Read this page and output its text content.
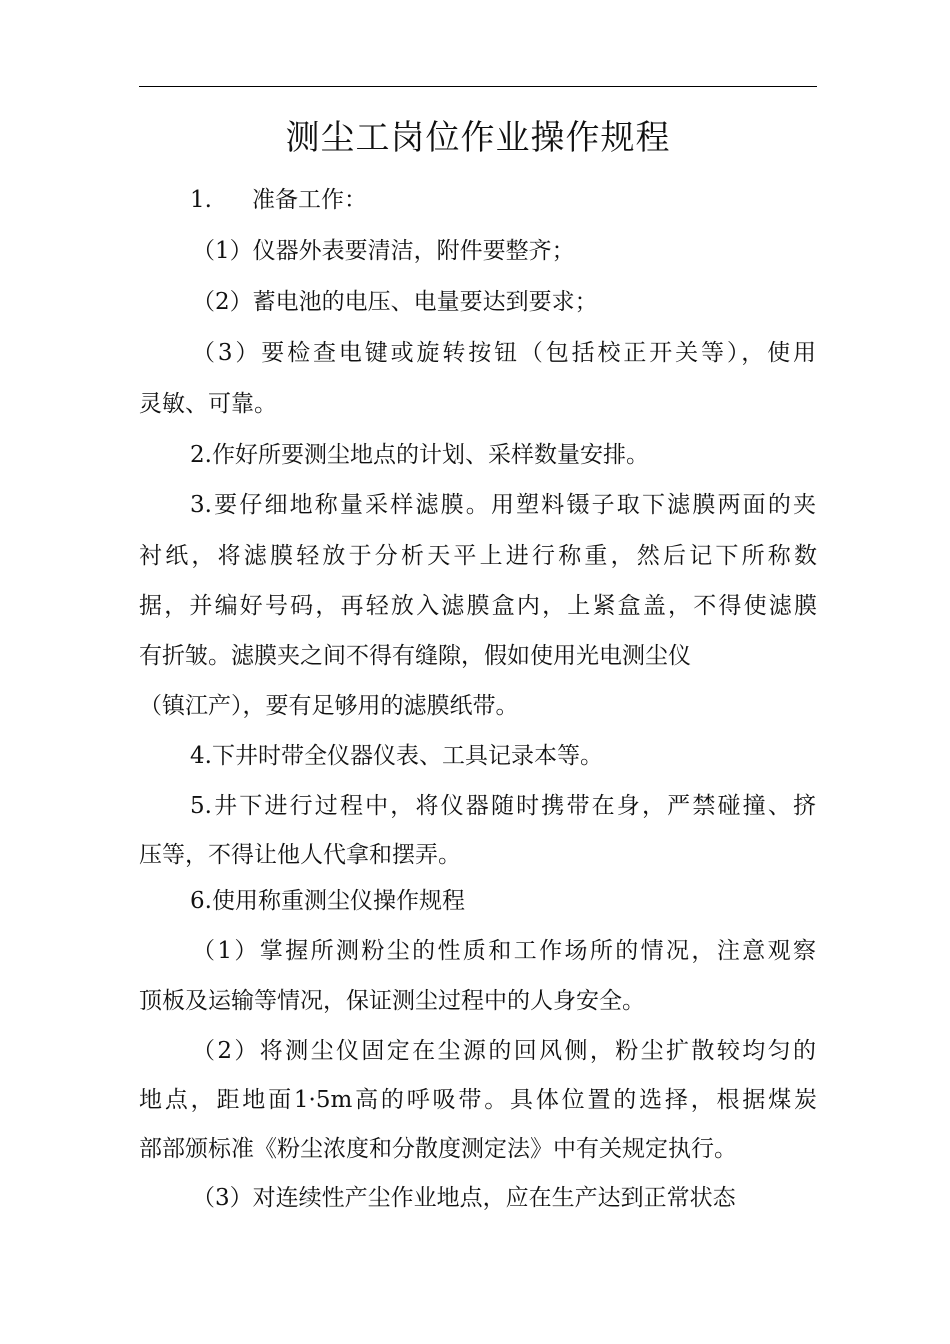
测尘工岗位作业操作规程
1. 准备工作：
（1）仪器外表要清洁，附件要整齐；
（2）蓄电池的电压、电量要达到要求；
（3）要检查电键或旋转按钮（包括校正开关等），使用
灵敏、可靠。
2.作好所要测尘地点的计划、采样数量安排。
3.要仔细地称量采样滤膜。用塑料镊子取下滤膜两面的夹
衬纸，将滤膜轻放于分析天平上进行称重，然后记下所称数
据，并编好号码，再轻放入滤膜盒内，上紧盒盖，不得使滤膜
有折皱。滤膜夹之间不得有缝隙，假如使用光电测尘仪
（镇江产），要有足够用的滤膜纸带。
4.下井时带全仪器仪表、工具记录本等。
5.井下进行过程中，将仪器随时携带在身，严禁碰撞、挤
压等，不得让他人代拿和摆弄。
6.使用称重测尘仪操作规程
（1）掌握所测粉尘的性质和工作场所的情况，注意观察
顶板及运输等情况，保证测尘过程中的人身安全。
（2）将测尘仪固定在尘源的回风侧，粉尘扩散较均匀的
地点，距地面1·5m高的呼吸带。具体位置的选择，根据煤炭
部部颁标准《粉尘浓度和分散度测定法》中有关规定执行。
（3）对连续性产尘作业地点，应在生产达到正常状态
